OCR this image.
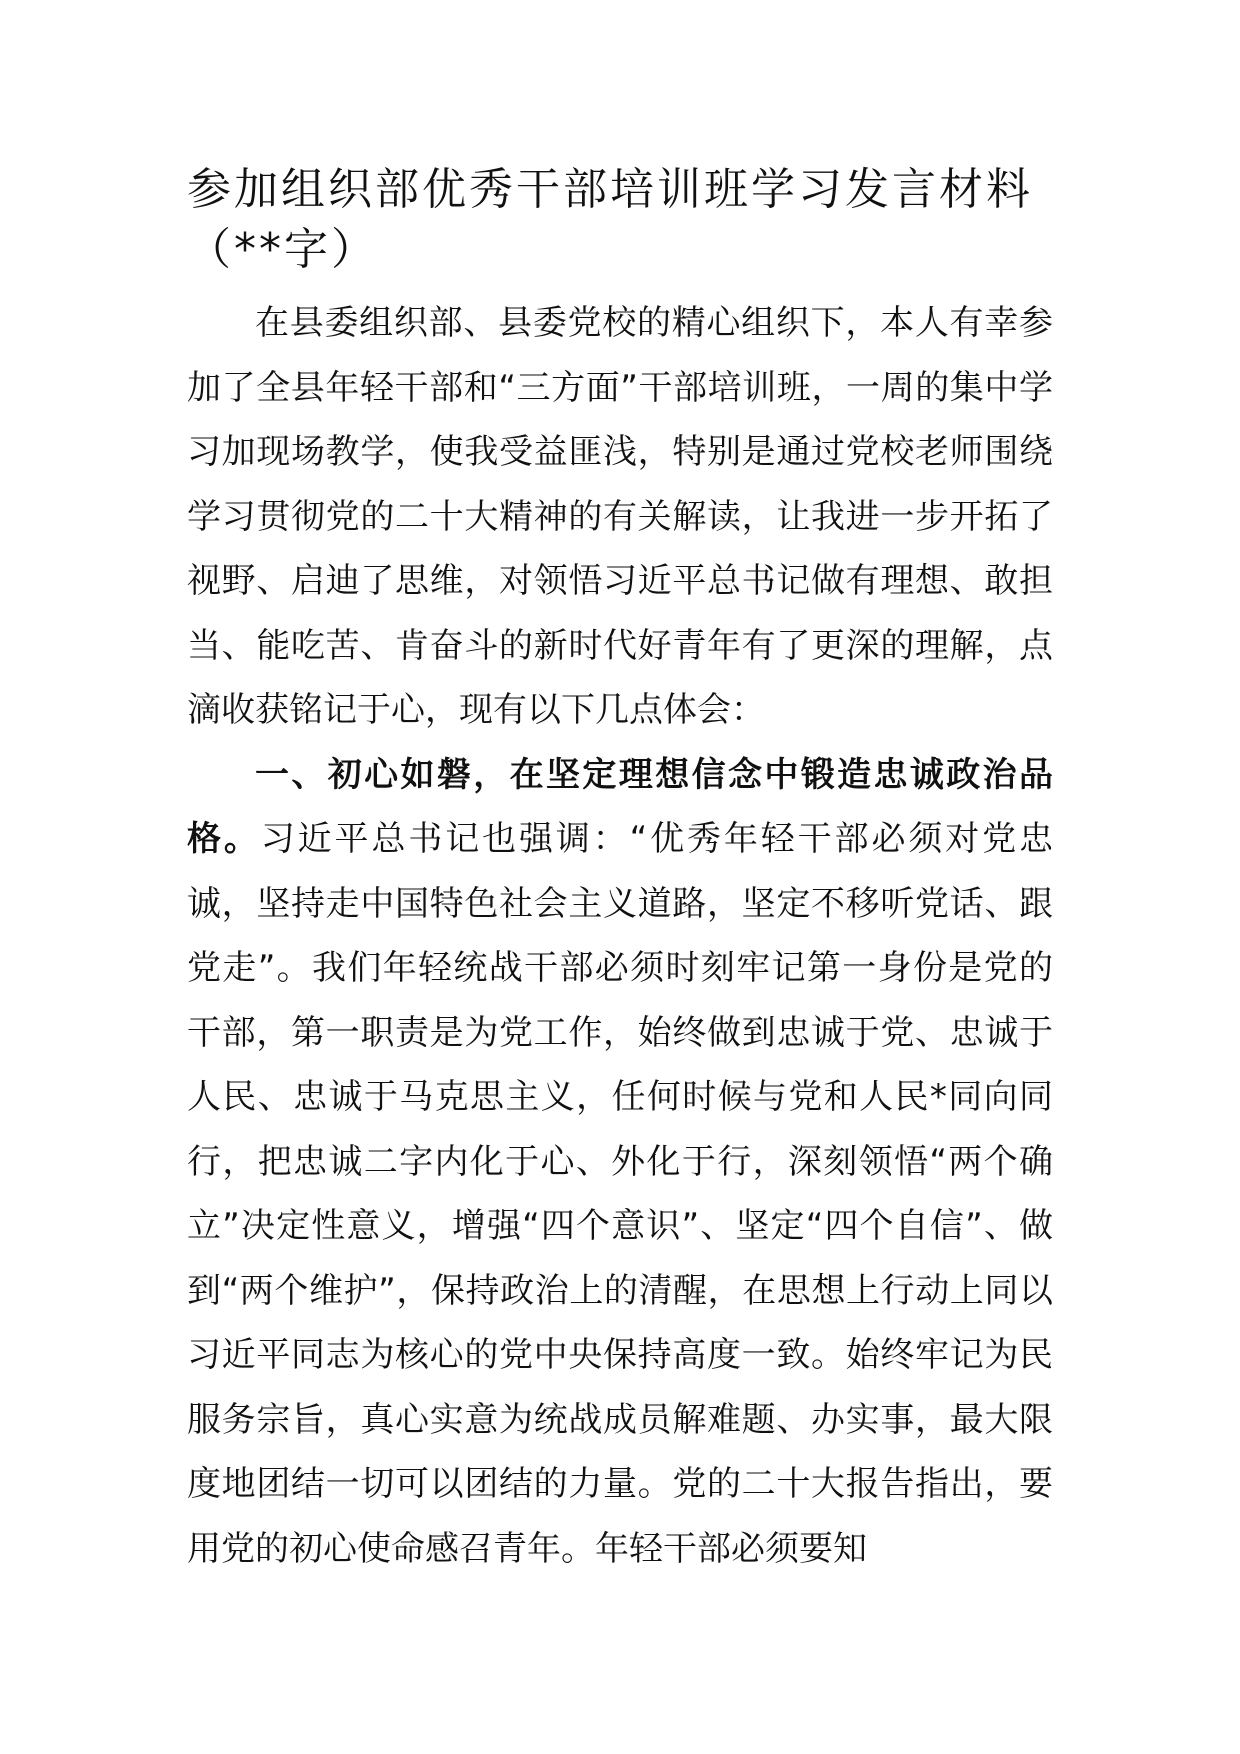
参加组织部优秀干部培训班学习发言材料
（**字）

在县委组织部、县委党校的精心组织下，本人有幸参加了全县年轻干部和“三方面”干部培训班，一周的集中学习加现场教学，使我受益匪浅，特别是通过党校老师围绕学习贯彻党的二十大精神的有关解读，让我进一步开拓了视野、启迪了思维，对领悟习近平总书记做有理想、敢担当、能吃苦、肯奋斗的新时代好青年有了更深的理解，点滴收获铭记于心，现有以下几点体会：

一、初心如磐，在坚定理想信念中锻造忠诚政治品格。习近平总书记也强调：“优秀年轻干部必须对党忠诚，坚持走中国特色社会主义道路，坚定不移听党话、跟党走”。我们年轻统战干部必须时刻牢记第一身份是党的干部，第一职责是为党工作，始终做到忠诚于党、忠诚于人民、忠诚于马克思主义，任何时候与党和人民*同向同行，把忠诚二字内化于心、外化于行，深刻领悟“两个确立”决定性意义，增强“四个意识”、坚定“四个自信”、做到“两个维护”，保持政治上的清醒，在思想上行动上同以习近平同志为核心的党中央保持高度一致。始终牢记为民服务宗旨，真心实意为统战成员解难题、办实事，最大限度地团结一切可以团结的力量。党的二十大报告指出，要用党的初心使命感召青年。年轻干部必须要知
